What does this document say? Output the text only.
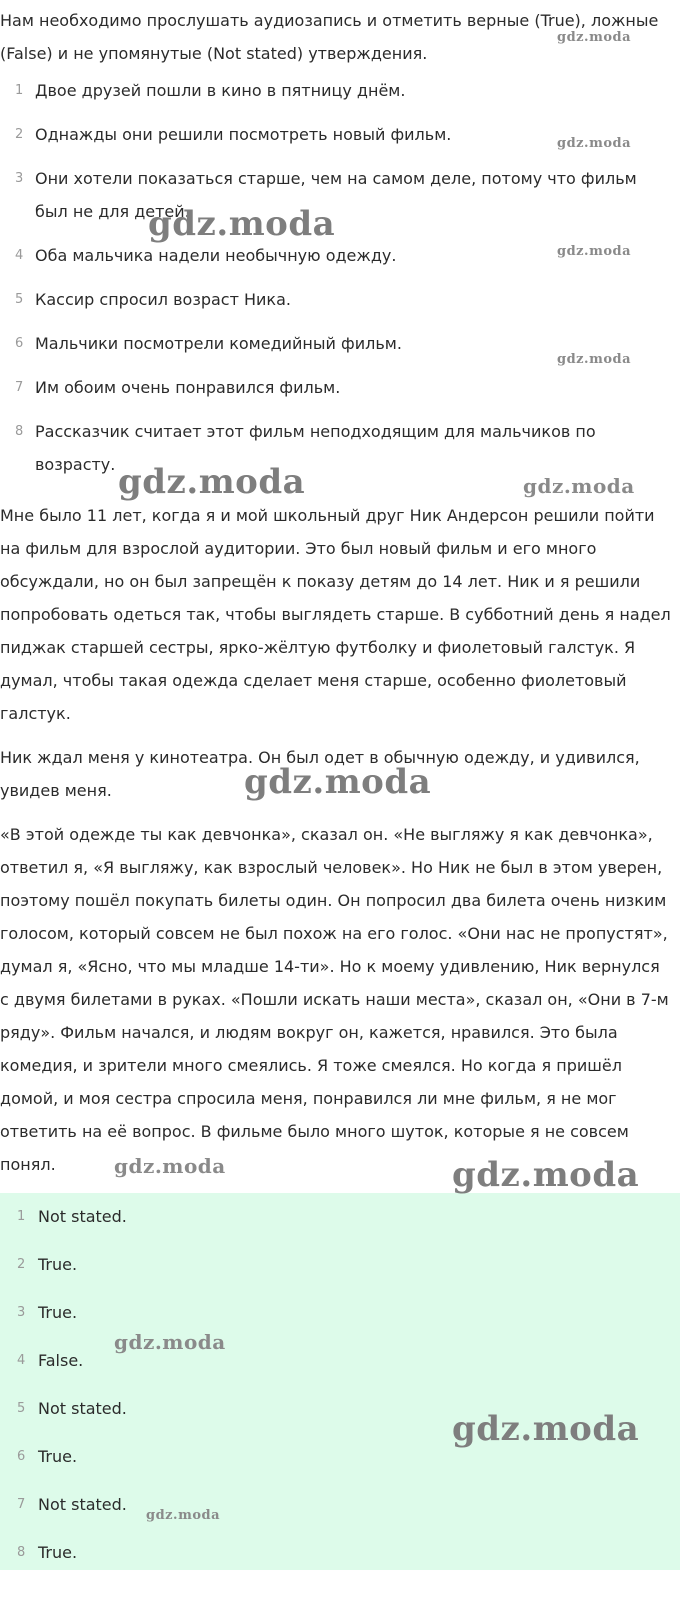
Нам необходимо прослушать аудиозапись и отметить верные (True), ложные (False) и не упомянутые (Not stated) утверждения.

1 Двое друзей пошли в кино в пятницу днём.
2 Однажды они решили посмотреть новый фильм.
3 Они хотели показаться старше, чем на самом деле, потому что фильм был не для детей.
4 Оба мальчика надели необычную одежду.
5 Кассир спросил возраст Ника.
6 Мальчики посмотрели комедийный фильм.
7 Им обоим очень понравился фильм.
8 Рассказчик считает этот фильм неподходящим для мальчиков по возрасту.

Мне было 11 лет, когда я и мой школьный друг Ник Андерсон решили пойти на фильм для взрослой аудитории. Это был новый фильм и его много обсуждали, но он был запрещён к показу детям до 14 лет. Ник и я решили попробовать одеться так, чтобы выглядеть старше. В субботний день я надел пиджак старшей сестры, ярко-жёлтую футболку и фиолетовый галстук. Я думал, чтобы такая одежда сделает меня старше, особенно фиолетовый галстук.

Ник ждал меня у кинотеатра. Он был одет в обычную одежду, и удивился, увидев меня.

«В этой одежде ты как девчонка», сказал он. «Не выгляжу я как девчонка», ответил я, «Я выгляжу, как взрослый человек». Но Ник не был в этом уверен, поэтому пошёл покупать билеты один. Он попросил два билета очень низким голосом, который совсем не был похож на его голос. «Они нас не пропустят», думал я, «Ясно, что мы младше 14-ти». Но к моему удивлению, Ник вернулся с двумя билетами в руках. «Пошли искать наши места», сказал он, «Они в 7-м ряду». Фильм начался, и людям вокруг он, кажется, нравился. Это была комедия, и зрители много смеялись. Я тоже смеялся. Но когда я пришёл домой, и моя сестра спросила меня, понравился ли мне фильм, я не мог ответить на её вопрос. В фильме было много шуток, которые я не совсем понял.

1 Not stated.
2 True.
3 True.
4 False.
5 Not stated.
6 True.
7 Not stated.
8 True.
gdz.moda
gdz.moda
gdz.moda
gdz.moda
gdz.moda
gdz.moda	gdz.moda
gdz.moda
gdz.moda	gdz.moda
gdz.moda
gdz.moda
gdz.moda
